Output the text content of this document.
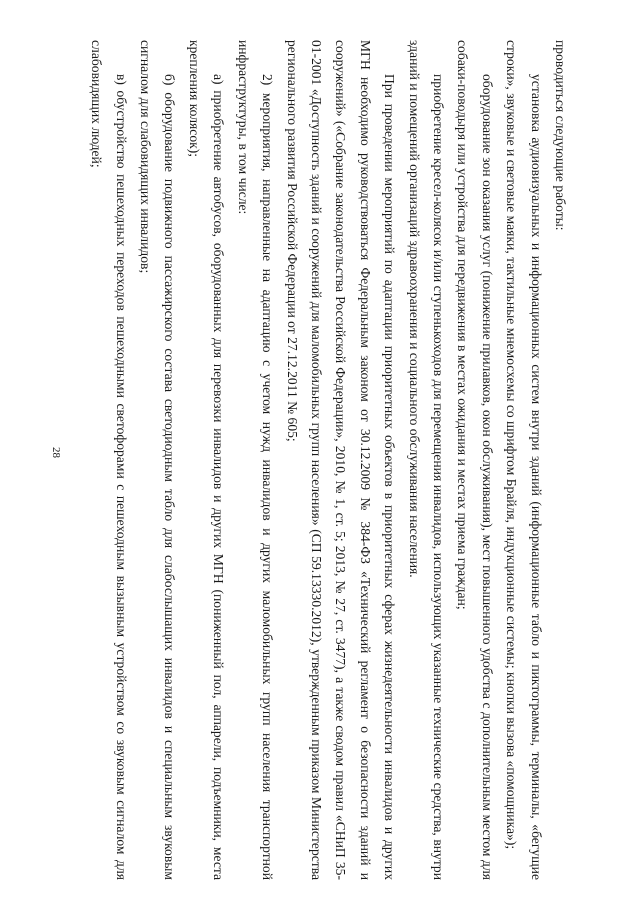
28

проводиться следующие работы:

установка аудиовизуальных и информационных систем внутри зданий (информационные табло и пиктограммы, терминалы, «бегущие строки», звуковые и световые маяки, тактильные мнемосхемы со шрифтом Брайля, индукционные системы; кнопки вызова «помощника»);

оборудование зон оказания услуг (понижение прилавков, окон обслуживания), мест повышенного удобства с дополнительным местом для собаки-поводыря или устройства для передвижения в местах ожидания и местах приема граждан;

приобретение кресел-колясок и/или ступенькоходов для перемещения инвалидов, использующих указанные технические средства, внутри зданий и помещений организаций здравоохранения и социального обслуживания населения.

При проведении мероприятий по адаптации приоритетных объектов в приоритетных сферах жизнедеятельности инвалидов и других МГН необходимо руководствоваться Федеральным законом от 30.12.2009 № 384-ФЗ «Технический регламент о безопасности зданий и сооружений» («Собрание законодательства Российской Федерации», 2010, № 1, ст. 5; 2013, № 27, ст. 3477), а также сводом правил «СНиП 35-01-2001 «Доступность зданий и сооружений для маломобильных групп населения» (СП 59.13330.2012), утвержденным приказом Министерства регионального развития Российской Федерации от 27.12.2011 № 605;

2) мероприятия, направленные на адаптацию с учетом нужд инвалидов и других маломобильных групп населения транспортной инфраструктуры, в том числе:

а) приобретение автобусов, оборудованных для перевозки инвалидов и других МГН (пониженный пол, аппарели, подъемники, места крепления колясок);

б) оборудование подвижного пассажирского состава светодиодным табло для слабослышащих инвалидов и специальным звуковым сигналом для слабовидящих инвалидов;

в) обустройство пешеходных переходов пешеходными светофорами с пешеходным вызывным устройством со звуковым сигналом для слабовидящих людей;
